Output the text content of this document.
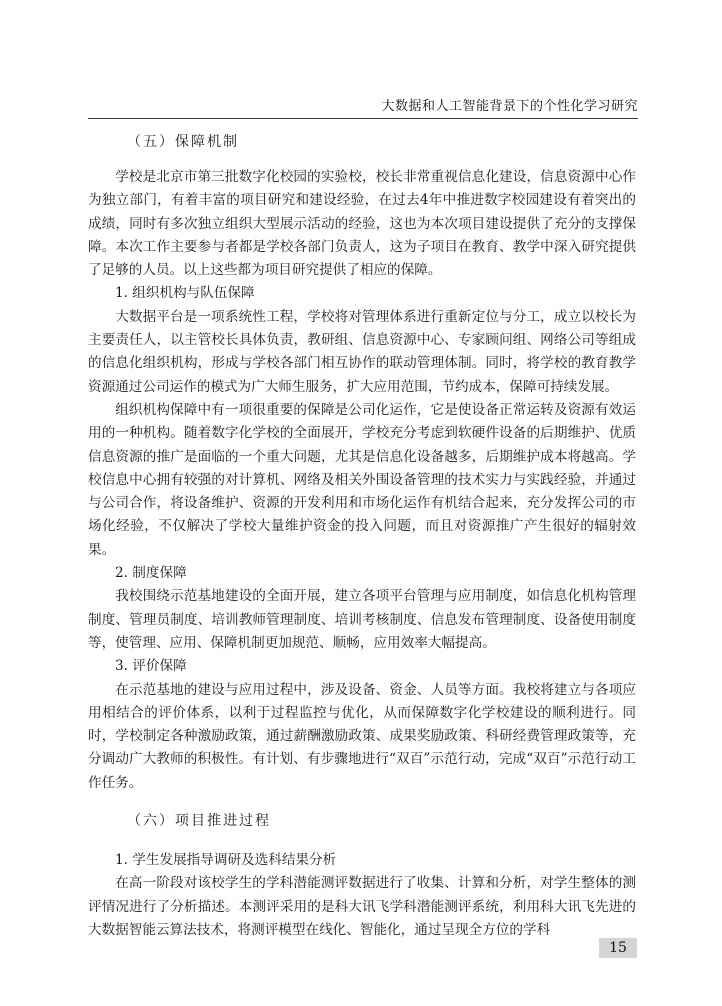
大数据和人工智能背景下的个性化学习研究
（五）保障机制

学校是北京市第三批数字化校园的实验校，校长非常重视信息化建设，信息资源中心作为独立部门，有着丰富的项目研究和建设经验，在过去4年中推进数字校园建设有着突出的成绩，同时有多次独立组织大型展示活动的经验，这也为本次项目建设提供了充分的支撑保障。本次工作主要参与者都是学校各部门负责人，这为子项目在教育、教学中深入研究提供了足够的人员。以上这些都为项目研究提供了相应的保障。

1. 组织机构与队伍保障

大数据平台是一项系统性工程，学校将对管理体系进行重新定位与分工，成立以校长为主要责任人，以主管校长具体负责，教研组、信息资源中心、专家顾问组、网络公司等组成的信息化组织机构，形成与学校各部门相互协作的联动管理体制。同时，将学校的教育教学资源通过公司运作的模式为广大师生服务，扩大应用范围，节约成本，保障可持续发展。

组织机构保障中有一项很重要的保障是公司化运作，它是使设备正常运转及资源有效运用的一种机构。随着数字化学校的全面展开，学校充分考虑到软硬件设备的后期维护、优质信息资源的推广是面临的一个重大问题，尤其是信息化设备越多，后期维护成本将越高。学校信息中心拥有较强的对计算机、网络及相关外围设备管理的技术实力与实践经验，并通过与公司合作，将设备维护、资源的开发利用和市场化运作有机结合起来，充分发挥公司的市场化经验，不仅解决了学校大量维护资金的投入问题，而且对资源推广产生很好的辐射效果。

2. 制度保障

我校围绕示范基地建设的全面开展，建立各项平台管理与应用制度，如信息化机构管理制度、管理员制度、培训教师管理制度、培训考核制度、信息发布管理制度、设备使用制度等，使管理、应用、保障机制更加规范、顺畅，应用效率大幅提高。

3. 评价保障

在示范基地的建设与应用过程中，涉及设备、资金、人员等方面。我校将建立与各项应用相结合的评价体系，以利于过程监控与优化，从而保障数字化学校建设的顺利进行。同时，学校制定各种激励政策，通过薪酬激励政策、成果奖励政策、科研经费管理政策等，充分调动广大教师的积极性。有计划、有步骤地进行“双百”示范行动，完成“双百”示范行动工作任务。

（六）项目推进过程
1. 学生发展指导调研及选科结果分析

在高一阶段对该校学生的学科潜能测评数据进行了收集、计算和分析，对学生整体的测评情况进行了分析描述。本测评采用的是科大讯飞学科潜能测评系统，利用科大讯飞先进的大数据智能云算法技术，将测评模型在线化、智能化，通过呈现全方位的学科

15
